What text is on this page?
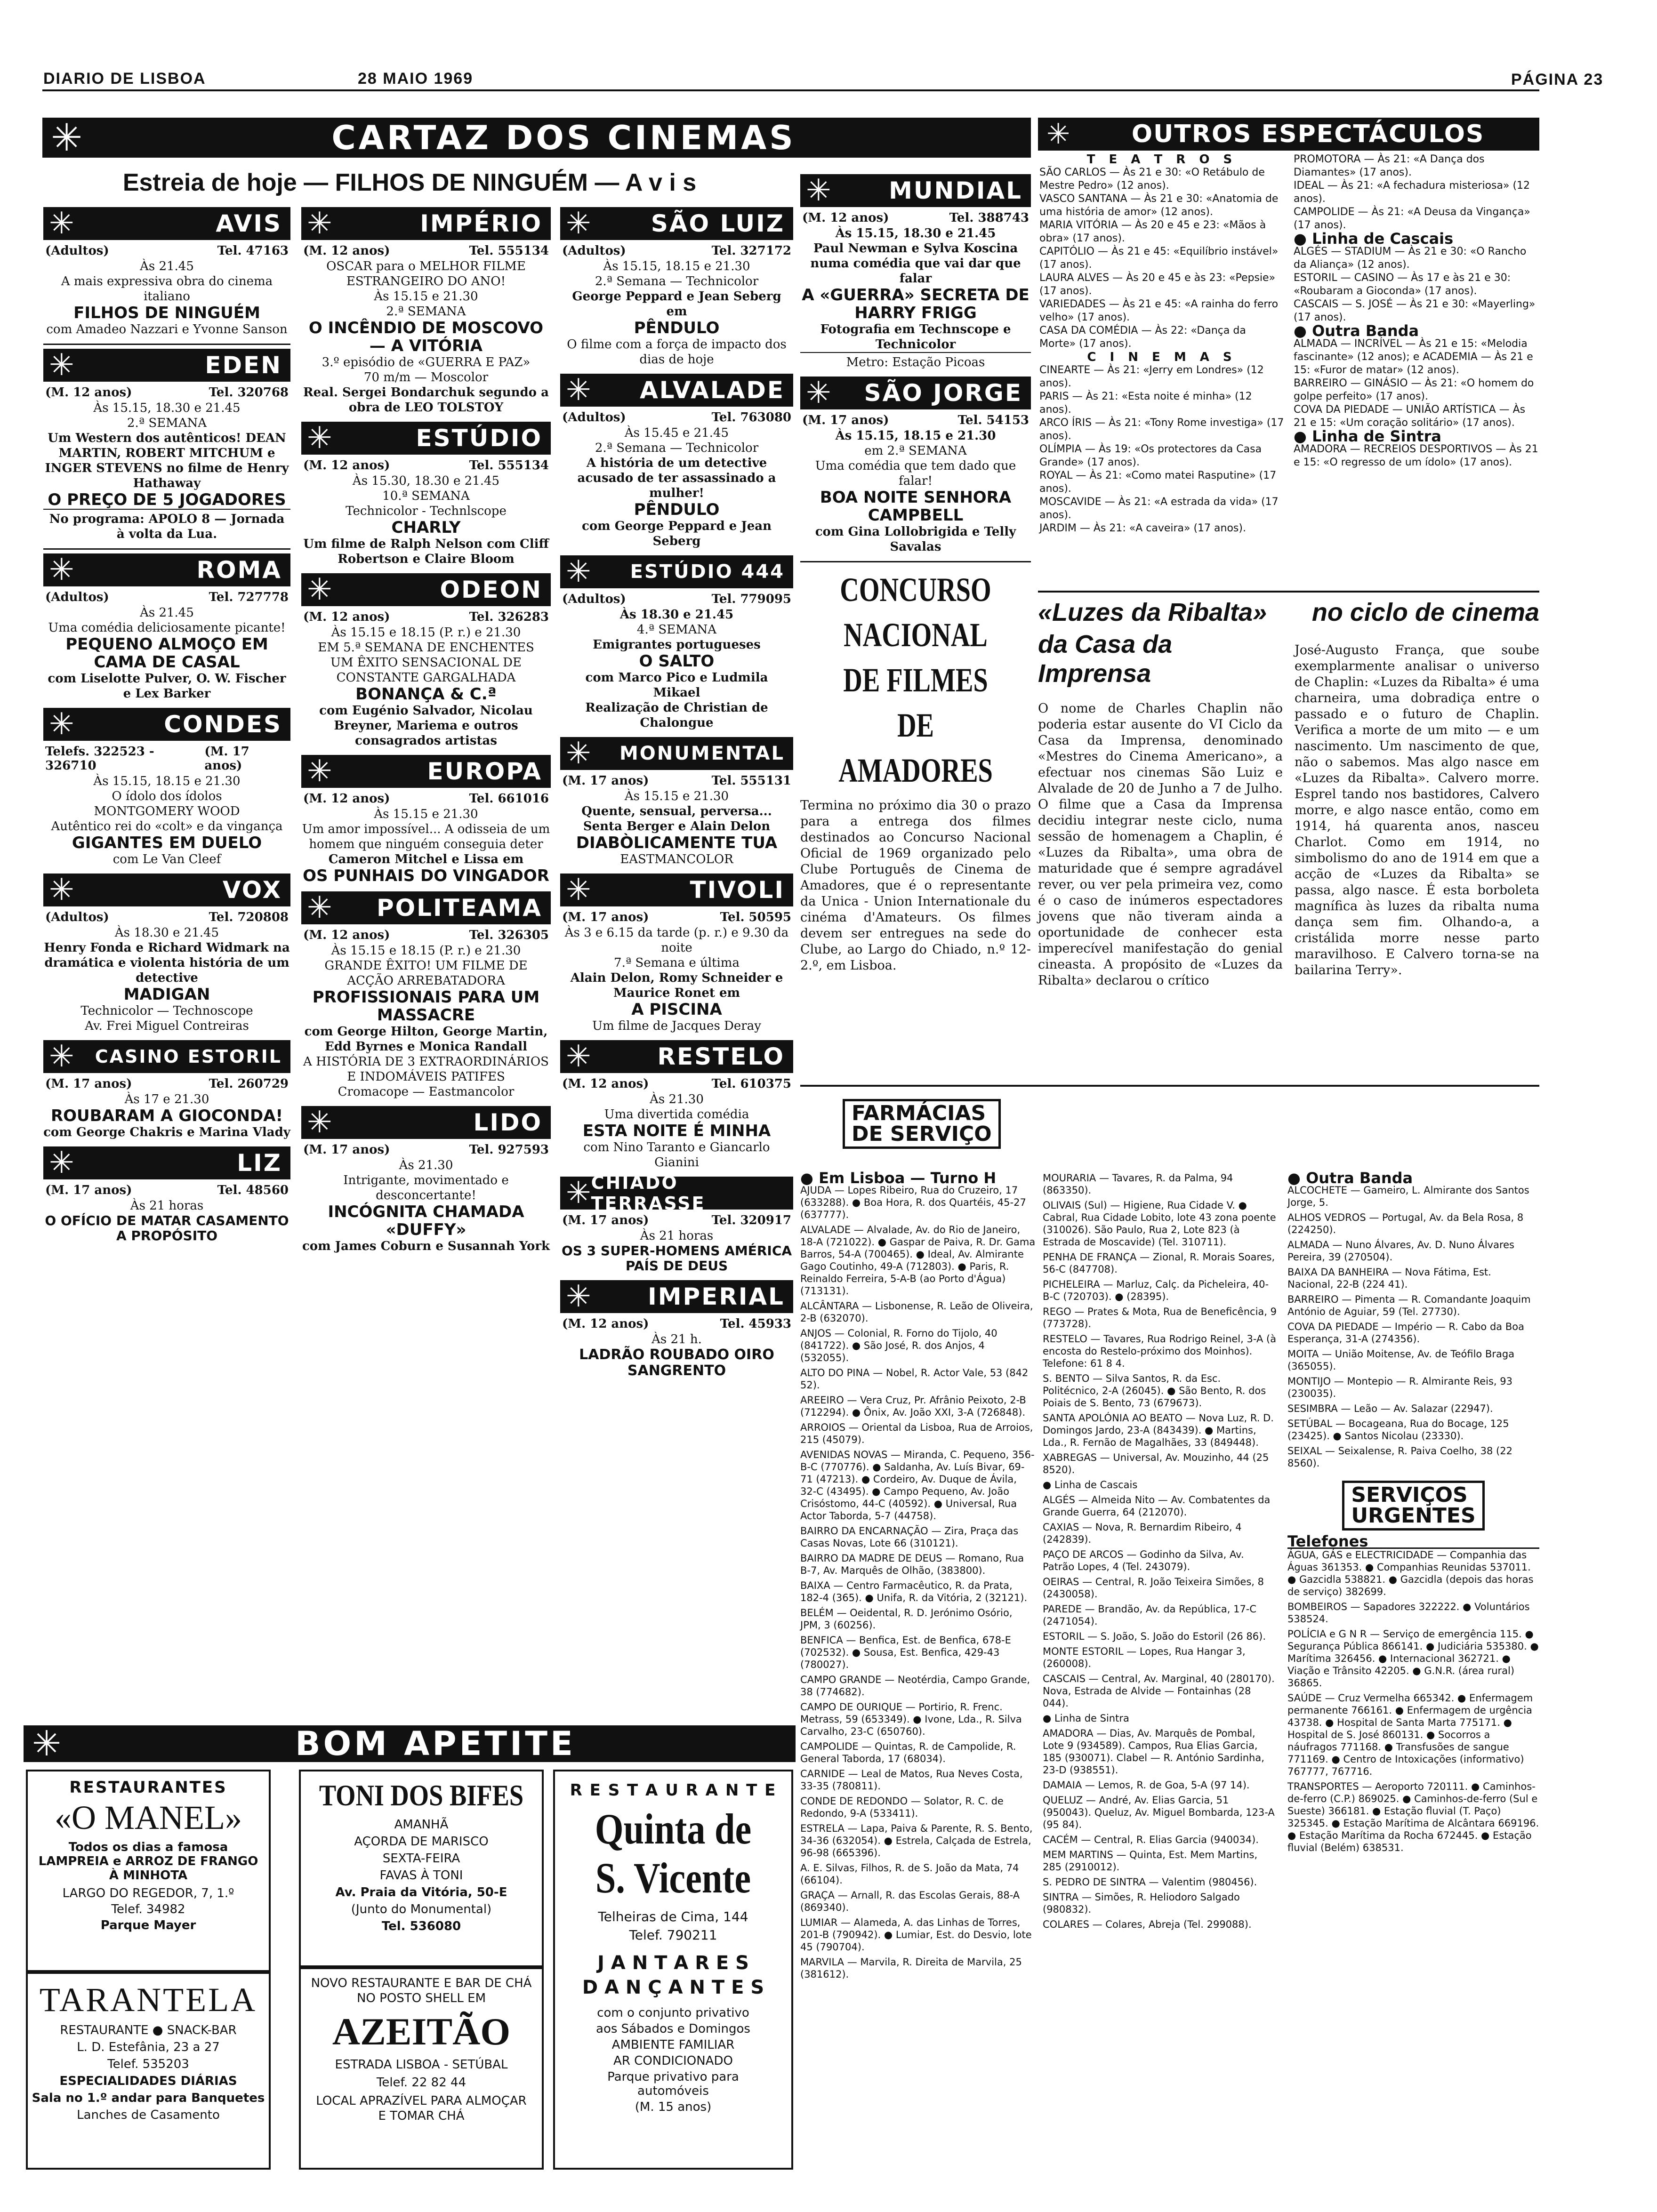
DIARIO DE LISBOA	28 MAIO 1969	PÁGINA 23
✳	CARTAZ DOS CINEMAS
Estreia de hoje — FILHOS DE NINGUÉM — A v i s
✳	OUTROS ESPECTÁCULOS
✳	AVIS
(Adultos)	Tel. 47163

Às 21.45

A mais expressiva obra do cinema italiano

FILHOS DE NINGUÉM

com Amadeo Nazzari e Yvonne Sanson

✳	EDEN
(M. 12 anos)	Tel. 320768

Às 15.15, 18.30 e 21.45

2.ª SEMANA

Um Western dos autênticos! DEAN MARTIN, ROBERT MITCHUM e INGER STEVENS no filme de Henry Hathaway

O PREÇO DE 5 JOGADORES

No programa: APOLO 8 — Jornada à volta da Lua.

✳	ROMA
(Adultos)	Tel. 727778

Às 21.45

Uma comédia deliciosamente picante!

PEQUENO ALMOÇO EM CAMA DE CASAL

com Liselotte Pulver, O. W. Fischer e Lex Barker

✳	CONDES
Telefs. 322523 - 326710
(M. 17 anos)

Às 15.15, 18.15 e 21.30

O ídolo dos ídolos

MONTGOMERY WOOD

Autêntico rei do «colt» e da vingança

GIGANTES EM DUELO

com Le Van Cleef

✳	VOX
(Adultos)	Tel. 720808

Às 18.30 e 21.45

Henry Fonda e Richard Widmark na dramática e violenta história de um detective

MADIGAN

Technicolor — Technoscope

Av. Frei Miguel Contreiras

✳ CASINO ESTORIL
(M. 17 anos)	Tel. 260729

Às 17 e 21.30

ROUBARAM A GIOCONDA!

com George Chakris e Marina Vlady

✳	LIZ
(M. 17 anos)	Tel. 48560

Às 21 horas

O OFÍCIO DE MATAR CASAMENTO A PROPÓSITO

✳	IMPÉRIO
(M. 12 anos)	Tel. 555134

OSCAR para o MELHOR FILME ESTRANGEIRO DO ANO!

Às 15.15 e 21.30

2.ª SEMANA

O INCÊNDIO DE MOSCOVO — A VITÓRIA

3.º episódio de «GUERRA E PAZ»

70 m/m — Moscolor

Real. Sergei Bondarchuk segundo a obra de LEO TOLSTOY

✳	ESTÚDIO
(M. 12 anos)	Tel. 555134

Às 15.30, 18.30 e 21.45

10.ª SEMANA

Technicolor - Technlscope

CHARLY

Um filme de Ralph Nelson com Cliff Robertson e Claire Bloom

✳	ODEON
(M. 12 anos)	Tel. 326283

Às 15.15 e 18.15 (P. r.) e 21.30

EM 5.ª SEMANA DE ENCHENTES

UM ÊXITO SENSACIONAL DE CONSTANTE GARGALHADA

BONANÇA & C.ª

com Eugénio Salvador, Nicolau Breyner, Mariema e outros consagrados artistas

✳	EUROPA
(M. 12 anos)	Tel. 661016

Às 15.15 e 21.30

Um amor impossível... A odisseia de um homem que ninguém conseguia deter

Cameron Mitchel e Lissa em

OS PUNHAIS DO VINGADOR

✳ POLITEAMA
(M. 12 anos)	Tel. 326305

Às 15.15 e 18.15 (P. r.) e 21.30

GRANDE ÊXITO! UM FILME DE ACÇÃO ARREBATADORA

PROFISSIONAIS PARA UM MASSACRE

com George Hilton, George Martin, Edd Byrnes e Monica Randall

A HISTÓRIA DE 3 EXTRAORDINÁRIOS E INDOMÁVEIS PATIFES

Cromacope — Eastmancolor

✳	LIDO
(M. 17 anos)	Tel. 927593

Às 21.30

Intrigante, movimentado e desconcertante!

INCÓGNITA CHAMADA «DUFFY»

com James Coburn e Susannah York

✳	SÃO LUIZ
(Adultos)	Tel. 327172

Às 15.15, 18.15 e 21.30

2.ª Semana — Technicolor

George Peppard e Jean Seberg em

PÊNDULO

O filme com a força de impacto dos dias de hoje

✳ ALVALADE
(Adultos)	Tel. 763080

Às 15.45 e 21.45

2.ª Semana — Technicolor

A história de um detective acusado de ter assassinado a mulher!

PÊNDULO

com George Peppard e Jean Seberg

✳ ESTÚDIO 444
(Adultos)	Tel. 779095

Às 18.30 e 21.45

4.ª SEMANA

Emigrantes portugueses

O SALTO

com Marco Pico e Ludmila Mikael

Realização de Christian de Chalongue

✳ MONUMENTAL
(M. 17 anos)	Tel. 555131

Às 15.15 e 21.30

Quente, sensual, perversa... Senta Berger e Alain Delon

DIABÒLICAMENTE TUA

EASTMANCOLOR

✳	TIVOLI
(M. 17 anos)	Tel. 50595

Às 3 e 6.15 da tarde (p. r.) e 9.30 da noite

7.ª Semana e última

Alain Delon, Romy Schneider e Maurice Ronet em

A PISCINA

Um filme de Jacques Deray

✳	RESTELO
(M. 12 anos)	Tel. 610375

Às 21.30

Uma divertida comédia

ESTA NOITE É MINHA

com Nino Taranto e Giancarlo Gianini

✳ CHIADO TERRASSE
(M. 17 anos)	Tel. 320917

Às 21 horas

OS 3 SUPER-HOMENS AMÉRICA PAÍS DE DEUS

✳ IMPERIAL
(M. 12 anos)	Tel. 45933

Às 21 h.

LADRÃO ROUBADO OIRO SANGRENTO

✳ MUNDIAL
(M. 12 anos)	Tel. 388743

Às 15.15, 18.30 e 21.45

Paul Newman e Sylva Koscina numa comédia que vai dar que falar

A «GUERRA» SECRETA DE HARRY FRIGG

Fotografia em Technscope e Technicolor

Metro: Estação Picoas

✳ SÃO JORGE
(M. 17 anos)	Tel. 54153

Às 15.15, 18.15 e 21.30

em 2.ª SEMANA

Uma comédia que tem dado que falar!

BOA NOITE SENHORA CAMPBELL

com Gina Lollobrigida e Telly Savalas

CONCURSO NACIONAL DE FILMES DE AMADORES

Termina no próximo dia 30 o prazo para a entrega dos filmes destinados ao Concurso Nacional Oficial de 1969 organizado pelo Clube Português de Cinema de Amadores, que é o representante da Unica - Union Internationale du cinéma d'Amateurs. Os filmes devem ser entregues na sede do Clube, ao Largo do Chiado, n.º 12-2.º, em Lisboa.

T E A T R O S

SÃO CARLOS — Às 21 e 30: «O Retábulo de Mestre Pedro» (12 anos).

VASCO SANTANA — Às 21 e 30: «Anatomia de uma história de amor» (12 anos).

MARIA VITÓRIA — Às 20 e 45 e 23: «Mãos à obra» (17 anos).

CAPITÓLIO — Às 21 e 45: «Equilíbrio instável» (17 anos).

LAURA ALVES — Às 20 e 45 e às 23: «Pepsie» (17 anos).

VARIEDADES — Às 21 e 45: «A rainha do ferro velho» (17 anos).

CASA DA COMÉDIA — Às 22: «Dança da Morte» (17 anos).

C I N E M A S

CINEARTE — Às 21: «Jerry em Londres» (12 anos).

PARIS — Às 21: «Esta noite é minha» (12 anos).

ARCO ÍRIS — Às 21: «Tony Rome investiga» (17 anos).

OLÍMPIA — Às 19: «Os protectores da Casa Grande» (17 anos).

ROYAL — Às 21: «Como matei Rasputine» (17 anos).

MOSCAVIDE — Às 21: «A estrada da vida» (17 anos).

JARDIM — Às 21: «A caveira» (17 anos).

PROMOTORA — Às 21: «A Dança dos Diamantes» (17 anos).

IDEAL — Às 21: «A fechadura misteriosa» (12 anos).

CAMPOLIDE — Às 21: «A Deusa da Vingança» (17 anos).

● Linha de Cascais

ALGÉS — STADIUM — Às 21 e 30: «O Rancho da Aliança» (12 anos).

ESTORIL — CASINO — Às 17 e às 21 e 30: «Roubaram a Gioconda» (17 anos).

CASCAIS — S. JOSÉ — Às 21 e 30: «Mayerling» (17 anos).

● Outra Banda

ALMADA — INCRÍVEL — Às 21 e 15: «Melodia fascinante» (12 anos); e ACADEMIA — Às 21 e 15: «Furor de matar» (12 anos).

BARREIRO — GINÁSIO — Às 21: «O homem do golpe perfeito» (17 anos).

COVA DA PIEDADE — UNIÃO ARTÍSTICA — Às 21 e 15: «Um coração solitário» (17 anos).

● Linha de Sintra

AMADORA — RECREIOS DESPORTIVOS — Às 21 e 15: «O regresso de um ídolo» (17 anos).

«Luzes da Ribalta» no ciclo de cinema

da Casa da Imprensa

O nome de Charles Chaplin não poderia estar ausente do VI Ciclo da Casa da Imprensa, denominado «Mestres do Cinema Americano», a efectuar nos cinemas São Luiz e Alvalade de 20 de Junho a 7 de Julho. O filme que a Casa da Imprensa decidiu integrar neste ciclo, numa sessão de homenagem a Chaplin, é «Luzes da Ribalta», uma obra de maturidade que é sempre agradável rever, ou ver pela primeira vez, como é o caso de inúmeros espectadores jovens que não tiveram ainda a oportunidade de conhecer esta imperecível manifestação do genial cineasta. A propósito de «Luzes da Ribalta» declarou o crítico

José-Augusto França, que soube exemplarmente analisar o universo de Chaplin: «Luzes da Ribalta» é uma charneira, uma dobradiça entre o passado e o futuro de Chaplin. Verifica a morte de um mito — e um nascimento. Um nascimento de que, não o sabemos. Mas algo nasce em «Luzes da Ribalta». Calvero morre. Esprel tando nos bastidores, Calvero morre, e algo nasce então, como em 1914, há quarenta anos, nasceu Charlot. Como em 1914, no simbolismo do ano de 1914 em que a acção de «Luzes da Ribalta» se passa, algo nasce. É esta borboleta magnífica às luzes da ribalta numa dança sem fim. Olhando-a, a cristálida morre nesse parto maravilhoso. E Calvero torna-se na bailarina Terry».

FARMÁCIAS
DE SERVIÇO

● Em Lisboa — Turno H

AJUDA — Lopes Ribeiro, Rua do Cruzeiro, 17 (633288). ● Boa Hora, R. dos Quartéis, 45-27 (637777).

ALVALADE — Alvalade, Av. do Rio de Janeiro, 18-A (721022). ● Gaspar de Paiva, R. Dr. Gama Barros, 54-A (700465). ● Ideal, Av. Almirante Gago Coutinho, 49-A (712803). ● Paris, R. Reinaldo Ferreira, 5-A-B (ao Porto d'Água) (713131).

ALCÂNTARA — Lisbonense, R. Leão de Oliveira, 2-B (632070).

ANJOS — Colonial, R. Forno do Tijolo, 40 (841722). ● São José, R. dos Anjos, 4 (532055).

ALTO DO PINA — Nobel, R. Actor Vale, 53 (842 52).

AREEIRO — Vera Cruz, Pr. Afrânio Peixoto, 2-B (712294). ● Ônix, Av. João XXI, 3-A (726848).

ARROIOS — Oriental da Lisboa, Rua de Arroios, 215 (45079).

AVENIDAS NOVAS — Miranda, C. Pequeno, 356-B-C (770776). ● Saldanha, Av. Luís Bivar, 69-71 (47213). ● Cordeiro, Av. Duque de Ávila, 32-C (43495). ● Campo Pequeno, Av. João Crisóstomo, 44-C (40592). ● Universal, Rua Actor Taborda, 5-7 (44758).

BAIRRO DA ENCARNAÇÃO — Zira, Praça das Casas Novas, Lote 66 (310121).

BAIRRO DA MADRE DE DEUS — Romano, Rua B-7, Av. Marquês de Olhão, (383800).

BAIXA — Centro Farmacêutico, R. da Prata, 182-4 (365). ● Unifa, R. da Vitória, 2 (32121).

BELÉM — Oeidental, R. D. Jerónimo Osório, JPM, 3 (60256).

BENFICA — Benfica, Est. de Benfica, 678-E (702532). ● Sousa, Est. Benfica, 429-43 (780027).

CAMPO GRANDE — Neotérdia, Campo Grande, 38 (774682).

CAMPO DE OURIQUE — Portirio, R. Frenc. Metrass, 59 (653349). ● Ivone, Lda., R. Silva Carvalho, 23-C (650760).

CAMPOLIDE — Quintas, R. de Campolide, R. General Taborda, 17 (68034).

CARNIDE — Leal de Matos, Rua Neves Costa, 33-35 (780811).

CONDE DE REDONDO — Solator, R. C. de Redondo, 9-A (533411).

ESTRELA — Lapa, Paiva & Parente, R. S. Bento, 34-36 (632054). ● Estrela, Calçada de Estrela, 96-98 (665396).

A. E. Silvas, Filhos, R. de S. João da Mata, 74 (66104).

GRAÇA — Arnall, R. das Escolas Gerais, 88-A (869340).

LUMIAR — Alameda, A. das Linhas de Torres, 201-B (790942). ● Lumiar, Est. do Desvio, lote 45 (790704).

MARVILA — Marvila, R. Direita de Marvila, 25 (381612).

MOURARIA — Tavares, R. da Palma, 94 (863350).

OLIVAIS (Sul) — Higiene, Rua Cidade V. ● Cabral, Rua Cidade Lobito, lote 43 zona poente (310026). São Paulo, Rua 2, Lote 823 (à Estrada de Moscavide) (Tel. 310711).

PENHA DE FRANÇA — Zional, R. Morais Soares, 56-C (847708).

PICHELEIRA — Marluz, Calç. da Picheleira, 40-B-C (720703). ● (28395).

REGO — Prates & Mota, Rua de Beneficência, 9 (773728).

RESTELO — Tavares, Rua Rodrigo Reinel, 3-A (à encosta do Restelo-próximo dos Moinhos). Telefone: 61 8 4.

S. BENTO — Silva Santos, R. da Esc. Politécnico, 2-A (26045). ● São Bento, R. dos Poiais de S. Bento, 73 (679673).

SANTA APOLÓNIA AO BEATO — Nova Luz, R. D. Domingos Jardo, 23-A (843439). ● Martins, Lda., R. Fernão de Magalhães, 33 (849448).

XABREGAS — Universal, Av. Mouzinho, 44 (25 8520).

● Linha de Cascais

ALGÉS — Almeida Nito — Av. Combatentes da Grande Guerra, 64 (212070).

CAXIAS — Nova, R. Bernardim Ribeiro, 4 (242839).

PAÇO DE ARCOS — Godinho da Silva, Av. Patrão Lopes, 4 (Tel. 243079).

OEIRAS — Central, R. João Teixeira Simões, 8 (2430058).

PAREDE — Brandão, Av. da República, 17-C (2471054).

ESTORIL — S. João, S. João do Estoril (26 86).

MONTE ESTORIL — Lopes, Rua Hangar 3, (260008).

CASCAIS — Central, Av. Marginal, 40 (280170). Nova, Estrada de Alvide — Fontainhas (28 044).

● Linha de Sintra

AMADORA — Dias, Av. Marquês de Pombal, Lote 9 (934589). Campos, Rua Elias Garcia, 185 (930071). Clabel — R. António Sardinha, 23-D (938551).

DAMAIA — Lemos, R. de Goa, 5-A (97 14).

QUELUZ — André, Av. Elias Garcia, 51 (950043). Queluz, Av. Miguel Bombarda, 123-A (95 84).

CACÉM — Central, R. Elias Garcia (940034).

MEM MARTINS — Quinta, Est. Mem Martins, 285 (2910012).

S. PEDRO DE SINTRA — Valentim (980456).

SINTRA — Simões, R. Heliodoro Salgado (980832).

COLARES — Colares, Abreja (Tel. 299088).

● Outra Banda

ALCOCHETE — Gameiro, L. Almirante dos Santos Jorge, 5.

ALHOS VEDROS — Portugal, Av. da Bela Rosa, 8 (224250).

ALMADA — Nuno Álvares, Av. D. Nuno Álvares Pereira, 39 (270504).

BAIXA DA BANHEIRA — Nova Fátima, Est. Nacional, 22-B (224 41).

BARREIRO — Pimenta — R. Comandante Joaquim António de Aguiar, 59 (Tel. 27730).

COVA DA PIEDADE — Império — R. Cabo da Boa Esperança, 31-A (274356).

MOITA — União Moitense, Av. de Teófilo Braga (365055).

MONTIJO — Montepio — R. Almirante Reis, 93 (230035).

SESIMBRA — Leão — Av. Salazar (22947).

SETÚBAL — Bocageana, Rua do Bocage, 125 (23425). ● Santos Nicolau (23330).

SEIXAL — Seixalense, R. Paiva Coelho, 38 (22 8560).

SERVIÇOS
URGENTES

Telefones

ÁGUA, GÁS e ELECTRICIDADE — Companhia das Águas 361353. ● Companhias Reunidas 537011. ● Gazcidla 538821. ● Gazcidla (depois das horas de serviço) 382699.

BOMBEIROS — Sapadores 322222. ● Voluntários 538524.

POLÍCIA e G N R — Serviço de emergência 115. ● Segurança Pública 866141. ● Judiciária 535380. ● Marítima 326456. ● Internacional 362721. ● Viação e Trânsito 42205. ● G.N.R. (área rural) 36865.

SAÚDE — Cruz Vermelha 665342. ● Enfermagem permanente 766161. ● Enfermagem de urgência 43738. ● Hospital de Santa Marta 775171. ● Hospital de S. José 860131. ● Socorros a náufragos 771168. ● Transfusões de sangue 771169. ● Centro de Intoxicações (informativo) 767777, 767716.

TRANSPORTES — Aeroporto 720111. ● Caminhos-de-ferro (C.P.) 869025. ● Caminhos-de-ferro (Sul e Sueste) 366181. ● Estação fluvial (T. Paço) 325345. ● Estação Marítima de Alcântara 669196. ● Estação Marítima da Rocha 672445. ● Estação fluvial (Belém) 638531.

✳	BOM APETITE

RESTAURANTES

«O MANEL»

Todos os dias a famosa LAMPREIA e ARROZ DE FRANGO À MINHOTA

LARGO DO REGEDOR, 7, 1.º

Telef. 34982

Parque Mayer

TARANTELA

RESTAURANTE ● SNACK-BAR

L. D. Estefânia, 23 a 27

Telef. 535203

ESPECIALIDADES DIÁRIAS

Sala no 1.º andar para Banquetes

Lanches de Casamento

TONI DOS BIFES

AMANHÃ

AÇORDA DE MARISCO

SEXTA-FEIRA

FAVAS À TONI

Av. Praia da Vitória, 50-E

(Junto do Monumental)

Tel. 536080

NOVO RESTAURANTE E BAR DE CHÁ NO POSTO SHELL EM

AZEITÃO

ESTRADA LISBOA - SETÚBAL

Telef. 22 82 44

LOCAL APRAZÍVEL PARA ALMOÇAR E TOMAR CHÁ

R E S T A U R A N T E

Quinta de S. Vicente

Telheiras de Cima, 144

Telef. 790211

J A N T A R E S

D A N Ç A N T E S

com o conjunto privativo

aos Sábados e Domingos

AMBIENTE FAMILIAR

AR CONDICIONADO

Parque privativo para automóveis

(M. 15 anos)
